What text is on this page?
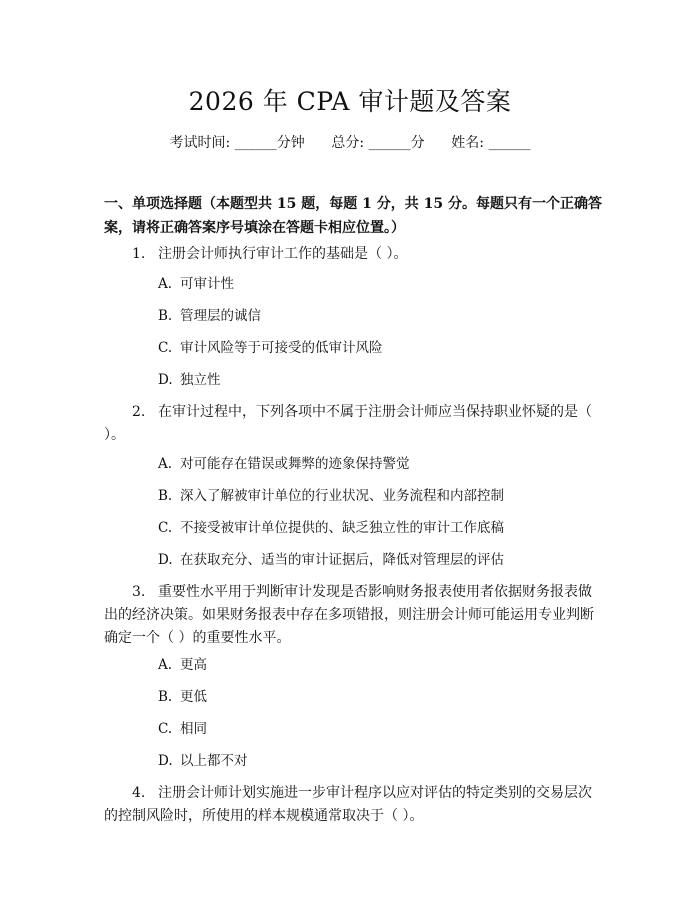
2026 年 CPA 审计题及答案
考试时间: ______分钟      总分: ______分      姓名: ______
一、单项选择题（本题型共 15 题，每题 1 分，共 15 分。每题只有一个正确答案，请将正确答案序号填涂在答题卡相应位置。）
1. 注册会计师执行审计工作的基础是（ ）。
A. 可审计性
B. 管理层的诚信
C. 审计风险等于可接受的低审计风险
D. 独立性
2. 在审计过程中，下列各项中不属于注册会计师应当保持职业怀疑的是（ ）。
A. 对可能存在错误或舞弊的迹象保持警觉
B. 深入了解被审计单位的行业状况、业务流程和内部控制
C. 不接受被审计单位提供的、缺乏独立性的审计工作底稿
D. 在获取充分、适当的审计证据后，降低对管理层的评估
3. 重要性水平用于判断审计发现是否影响财务报表使用者依据财务报表做出的经济决策。如果财务报表中存在多项错报，则注册会计师可能运用专业判断确定一个（ ）的重要性水平。
A. 更高
B. 更低
C. 相同
D. 以上都不对
4. 注册会计师计划实施进一步审计程序以应对评估的特定类别的交易层次的控制风险时，所使用的样本规模通常取决于（ ）。
